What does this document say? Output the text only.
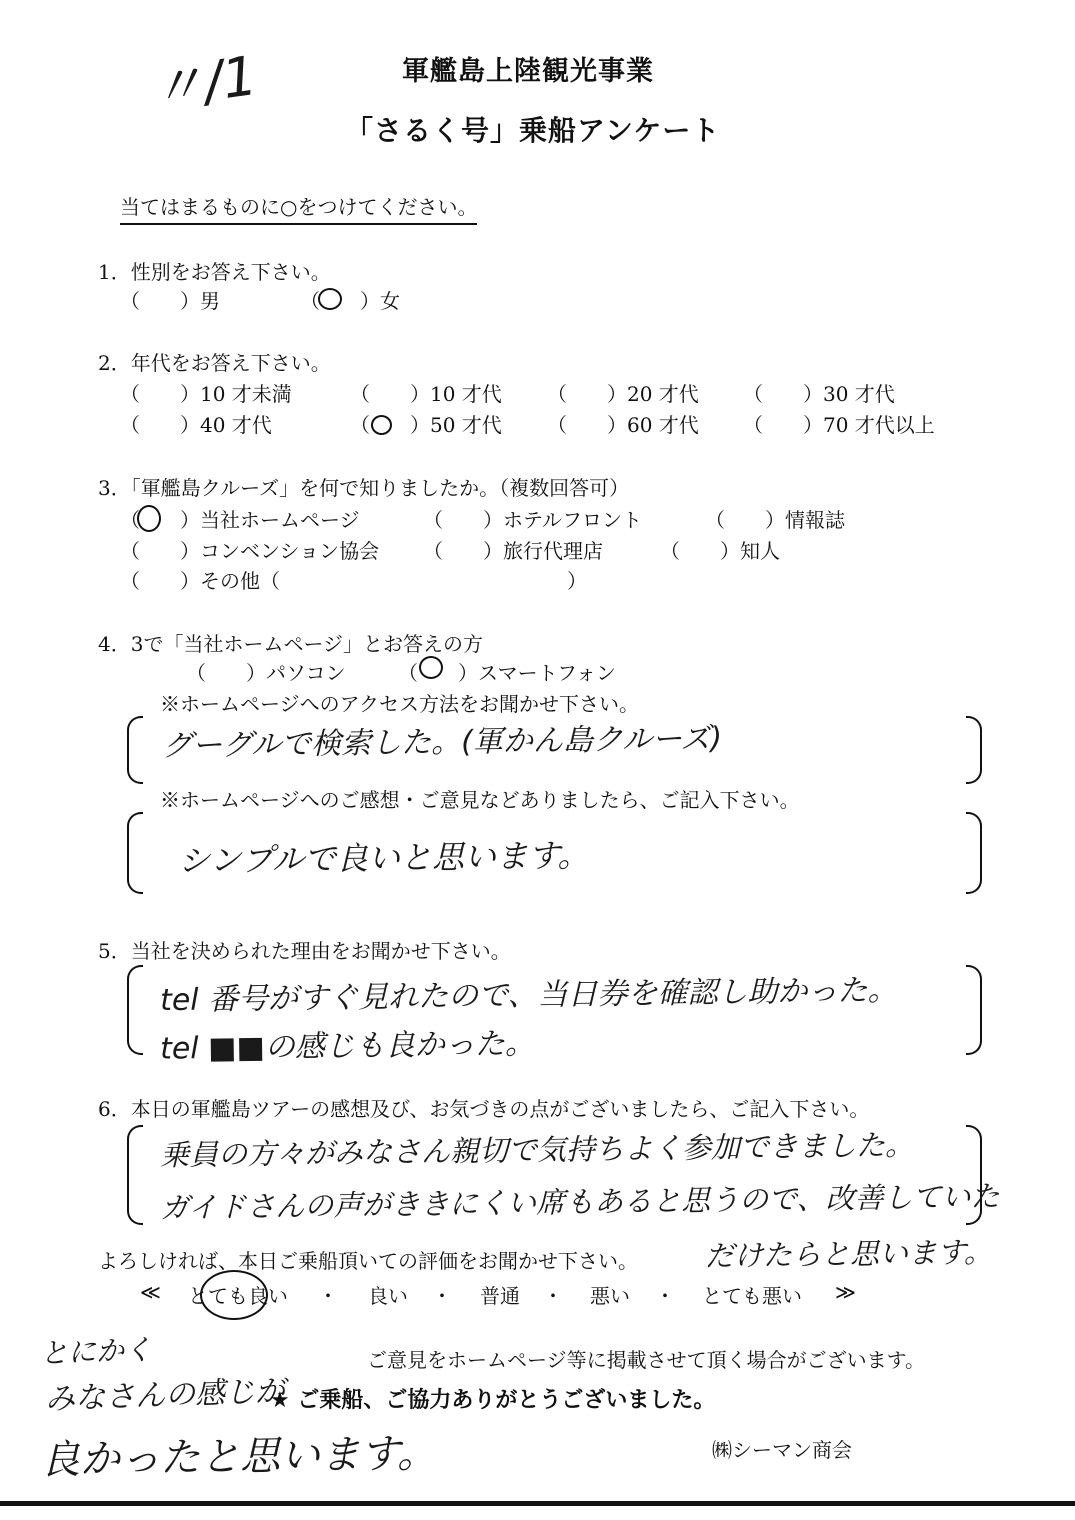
〃/1	軍艦島上陸観光事業
「さるく号」乗船アンケート
当てはまるものに○をつけてください。
1．性別をお答え下さい。
（　　）男	（　　）女
2．年代をお答え下さい。
（　　）10 才未満	（　　）10 才代 （　　）20 才代 （　　）30 才代
（　　）40 才代	（　　）50 才代 （　　）60 才代 （　　）70 才代以上
3．「軍艦島クルーズ」を何で知りましたか。（複数回答可）
（　　）当社ホームページ	（　　）ホテルフロント	（　　）情報誌
（　　）コンベンション協会 （　　）旅行代理店	（　　）知人
（　　）その他（	）
4．3で「当社ホームページ」とお答えの方
（　　）パソコン	（　　）スマートフォン
※ホームページへのアクセス方法をお聞かせ下さい。
グーグルで検索した。(軍かん島クルーズ)
※ホームページへのご感想・ご意見などありましたら、ご記入下さい。
シンプルで良いと思います。
5．当社を決められた理由をお聞かせ下さい。
tel 番号がすぐ見れたので、当日券を確認し助かった。
tel ■■の感じも良かった。
6．本日の軍艦島ツアーの感想及び、お気づきの点がございましたら、ご記入下さい。
乗員の方々がみなさん親切で気持ちよく参加できました。
ガイドさんの声がききにくい席もあると思うので、改善していた
だけたらと思います。
よろしければ、本日ご乗船頂いての評価をお聞かせ下さい。
≪ とても良い ・ 良い ・ 普通 ・ 悪い ・ とても悪い ≫
とにかく
みなさんの感じが
良かったと思います。
ご意見をホームページ等に掲載させて頂く場合がございます。
★ ご乗船、ご協力ありがとうございました。
㈱シーマン商会
